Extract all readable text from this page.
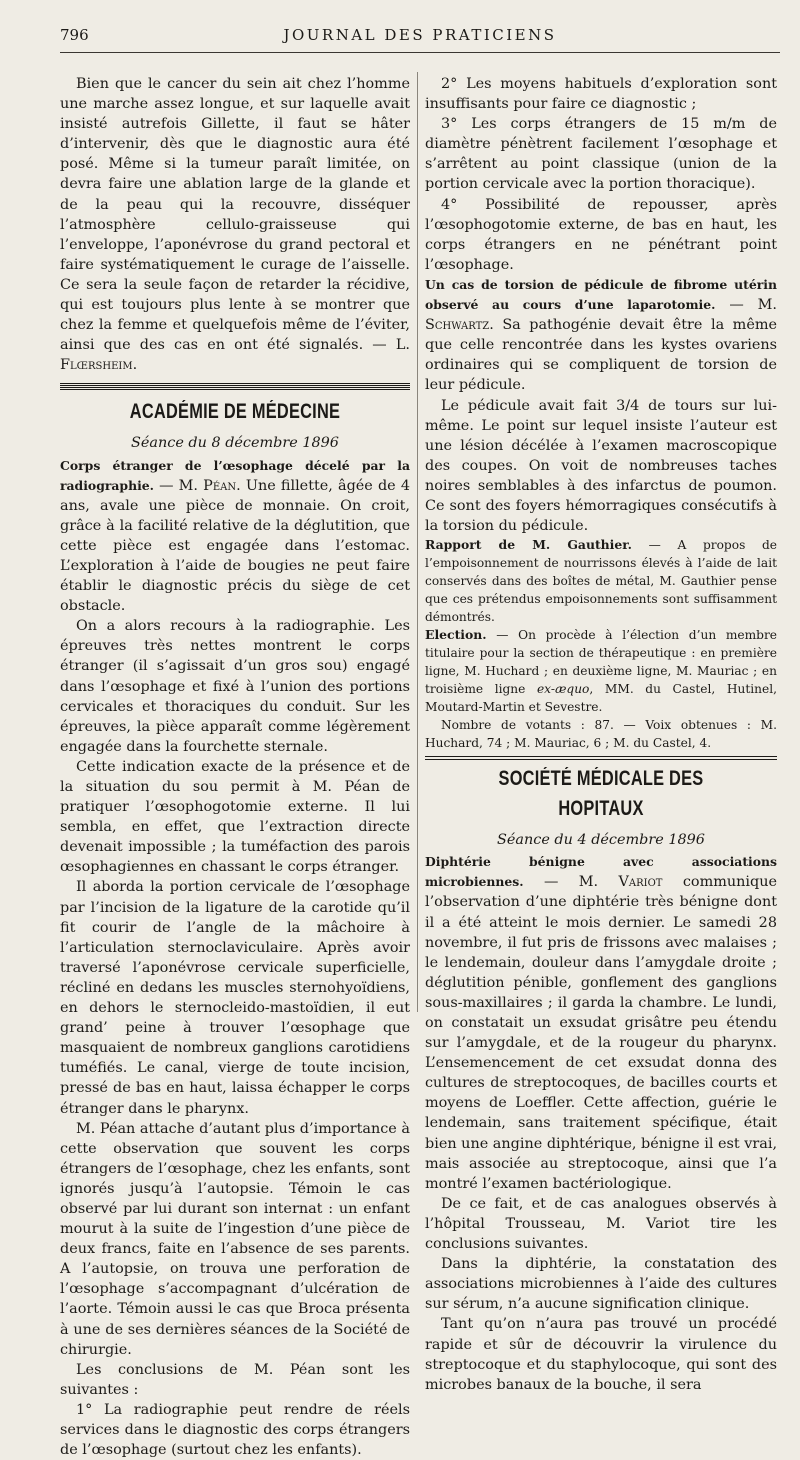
796	JOURNAL DES PRATICIENS

Bien que le cancer du sein ait chez l’homme une marche assez longue, et sur laquelle avait insisté autrefois Gillette, il faut se hâter d’intervenir, dès que le diagnostic aura été posé. Même si la tumeur paraît limitée, on devra faire une ablation large de la glande et de la peau qui la recouvre, disséquer l’atmosphère cellulo-graisseuse qui l’enveloppe, l’aponévrose du grand pectoral et faire systématiquement le curage de l’aisselle. Ce sera la seule façon de retarder la récidive, qui est toujours plus lente à se montrer que chez la femme et quelquefois même de l’éviter, ainsi que des cas en ont été signalés. — L. Flœrsheim.

ACADÉMIE DE MÉDECINE
Séance du 8 décembre 1896

Corps étranger de l’œsophage décelé par la radiographie. — M. Péan. Une fillette, âgée de 4 ans, avale une pièce de monnaie. On croit, grâce à la facilité relative de la déglutition, que cette pièce est engagée dans l’estomac. L’exploration à l’aide de bougies ne peut faire établir le diagnostic précis du siège de cet obstacle.

On a alors recours à la radiographie. Les épreuves très nettes montrent le corps étranger (il s’agissait d’un gros sou) engagé dans l’œsophage et fixé à l’union des portions cervicales et thoraciques du conduit. Sur les épreuves, la pièce apparaît comme légèrement engagée dans la fourchette sternale.

Cette indication exacte de la présence et de la situation du sou permit à M. Péan de pratiquer l’œsophogotomie externe. Il lui sembla, en effet, que l’extraction directe devenait impossible ; la tuméfaction des parois œsophagiennes en chassant le corps étranger.

Il aborda la portion cervicale de l’œsophage par l’incision de la ligature de la carotide qu’il fit courir de l’angle de la mâchoire à l’articulation sternoclaviculaire. Après avoir traversé l’aponévrose cervicale superficielle, récliné en dedans les muscles sternohyoïdiens, en dehors le sternocleido-mastoïdien, il eut grand’ peine à trouver l’œsophage que masquaient de nombreux ganglions carotidiens tuméfiés. Le canal, vierge de toute incision, pressé de bas en haut, laissa échapper le corps étranger dans le pharynx.

M. Péan attache d’autant plus d’importance à cette observation que souvent les corps étrangers de l’œsophage, chez les enfants, sont ignorés jusqu’à l’autopsie. Témoin le cas observé par lui durant son internat : un enfant mourut à la suite de l’ingestion d’une pièce de deux francs, faite en l’absence de ses parents. A l’autopsie, on trouva une perforation de l’œsophage s’accompagnant d’ulcération de l’aorte. Témoin aussi le cas que Broca présenta à une de ses dernières séances de la Société de chirurgie.

Les conclusions de M. Péan sont les suivantes :

1° La radiographie peut rendre de réels services dans le diagnostic des corps étrangers de l’œsophage (surtout chez les enfants).

2° Les moyens habituels d’exploration sont insuffisants pour faire ce diagnostic ;

3° Les corps étrangers de 15 m/m de diamètre pénètrent facilement l’œsophage et s’arrêtent au point classique (union de la portion cervicale avec la portion thoracique).

4° Possibilité de repousser, après l’œsophogotomie externe, de bas en haut, les corps étrangers en ne pénétrant point l’œsophage.

Un cas de torsion de pédicule de fibrome utérin observé au cours d’une laparotomie. — M. Schwartz. Sa pathogénie devait être la même que celle rencontrée dans les kystes ovariens ordinaires qui se compliquent de torsion de leur pédicule.

Le pédicule avait fait 3/4 de tours sur lui-même. Le point sur lequel insiste l’auteur est une lésion décélée à l’examen macroscopique des coupes. On voit de nombreuses taches noires semblables à des infarctus de poumon. Ce sont des foyers hémorragiques consécutifs à la torsion du pédicule.

Rapport de M. Gauthier. — A propos de l’empoisonnement de nourrissons élevés à l’aide de lait conservés dans des boîtes de métal, M. Gauthier pense que ces prétendus empoisonnements sont suffisamment démontrés.

Election. — On procède à l’élection d’un membre titulaire pour la section de thérapeutique : en première ligne, M. Huchard ; en deuxième ligne, M. Mauriac ; en troisième ligne ex-æquo, MM. du Castel, Hutinel, Moutard-Martin et Sevestre.

Nombre de votants : 87. — Voix obtenues : M. Huchard, 74 ; M. Mauriac, 6 ; M. du Castel, 4.

SOCIÉTÉ MÉDICALE DES HOPITAUX
Séance du 4 décembre 1896

Diphtérie bénigne avec associations microbiennes. — M. Variot communique l’observation d’une diphtérie très bénigne dont il a été atteint le mois dernier. Le samedi 28 novembre, il fut pris de frissons avec malaises ; le lendemain, douleur dans l’amygdale droite ; déglutition pénible, gonflement des ganglions sous-maxillaires ; il garda la chambre. Le lundi, on constatait un exsudat grisâtre peu étendu sur l’amygdale, et de la rougeur du pharynx. L’ensemencement de cet exsudat donna des cultures de streptocoques, de bacilles courts et moyens de Loeffler. Cette affection, guérie le lendemain, sans traitement spécifique, était bien une angine diphtérique, bénigne il est vrai, mais associée au streptocoque, ainsi que l’a montré l’examen bactériologique.

De ce fait, et de cas analogues observés à l’hôpital Trousseau, M. Variot tire les conclusions suivantes.

Dans la diphtérie, la constatation des associations microbiennes à l’aide des cultures sur sérum, n’a aucune signification clinique.

Tant qu’on n’aura pas trouvé un procédé rapide et sûr de découvrir la virulence du streptocoque et du staphylocoque, qui sont des microbes banaux de la bouche, il sera
